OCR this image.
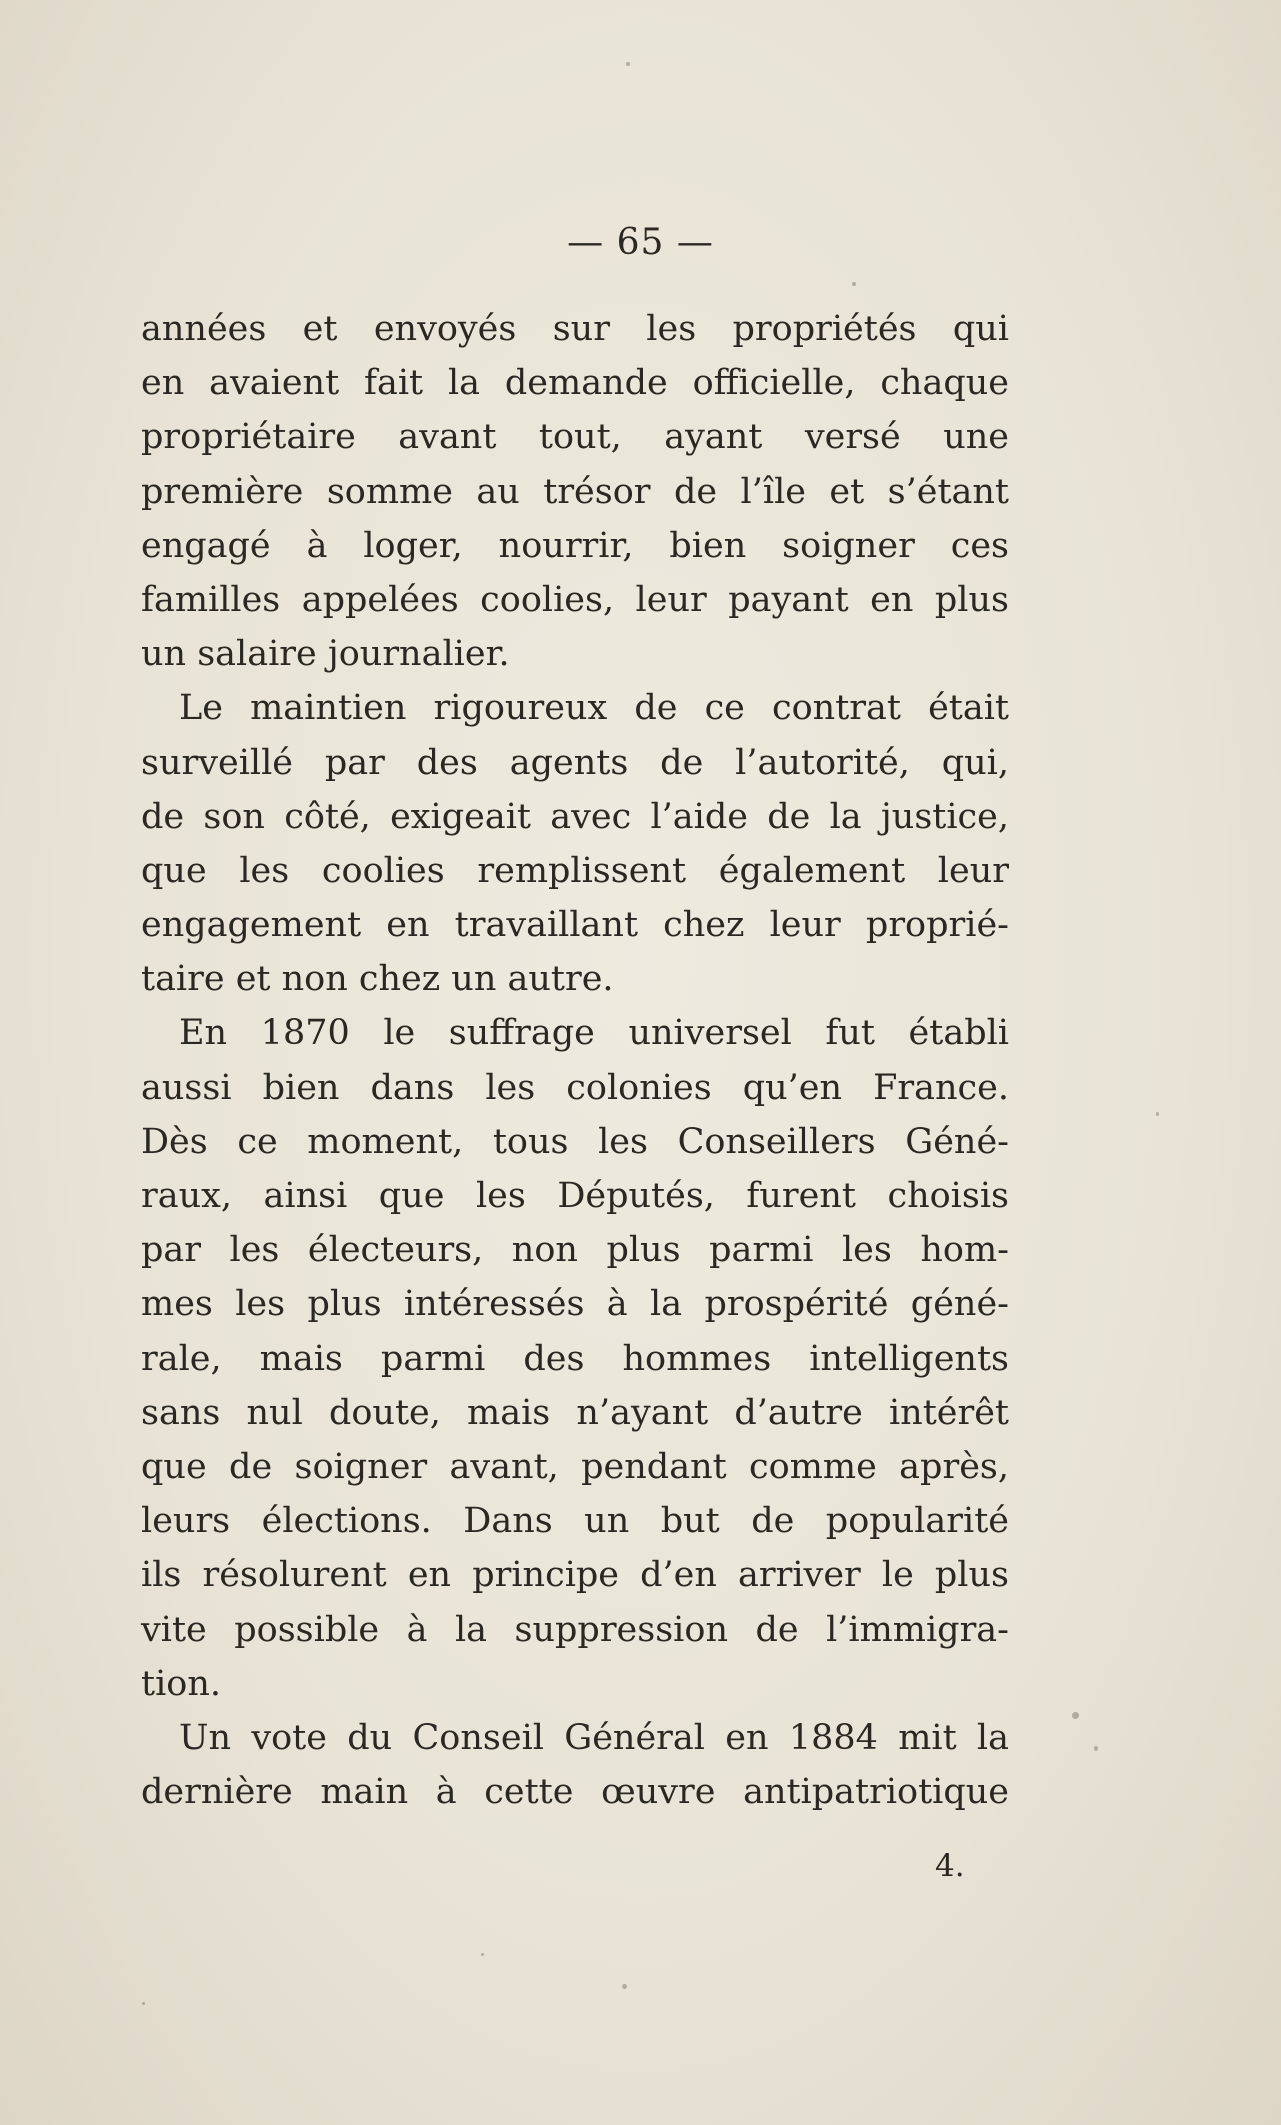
— 65 —
années et envoyés sur les propriétés qui
en avaient fait la demande officielle, chaque
propriétaire avant tout, ayant versé une
première somme au trésor de l’île et s’étant
engagé à loger, nourrir, bien soigner ces
familles appelées coolies, leur payant en plus
un salaire journalier.
Le maintien rigoureux de ce contrat était
surveillé par des agents de l’autorité, qui,
de son côté, exigeait avec l’aide de la justice,
que les coolies remplissent également leur
engagement en travaillant chez leur proprié-
taire et non chez un autre.
En 1870 le suffrage universel fut établi
aussi bien dans les colonies qu’en France.
Dès ce moment, tous les Conseillers Géné-
raux, ainsi que les Députés, furent choisis
par les électeurs, non plus parmi les hom-
mes les plus intéressés à la prospérité géné-
rale, mais parmi des hommes intelligents
sans nul doute, mais n’ayant d’autre intérêt
que de soigner avant, pendant comme après,
leurs élections. Dans un but de popularité
ils résolurent en principe d’en arriver le plus
vite possible à la suppression de l’immigra-
tion.
Un vote du Conseil Général en 1884 mit la
dernière main à cette œuvre antipatriotique
4.
